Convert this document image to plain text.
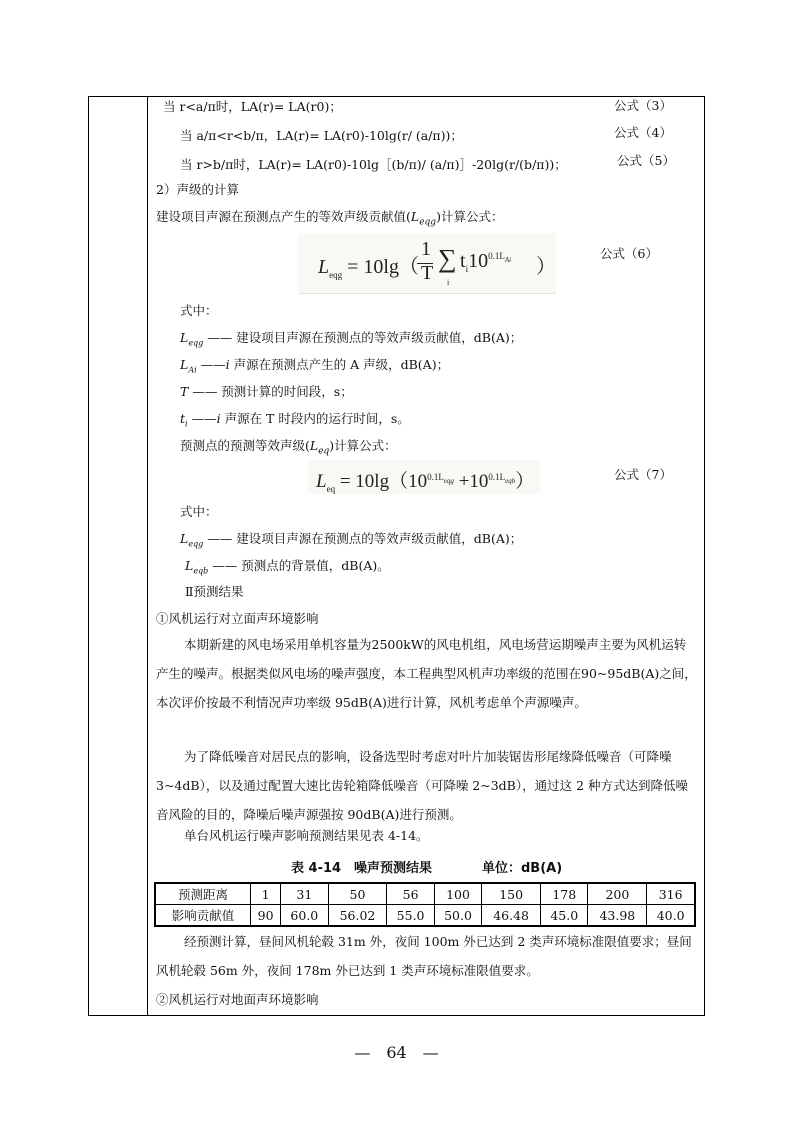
当 r<a/π时，LA(r)= LA(r0)；	公式（3）
当 a/π<r<b/π，LA(r)= LA(r0)-10lg(r/ (a/π))；	公式（4）
当 r>b/π时，LA(r)= LA(r0)-10lg［(b/π)/ (a/π)］-20lg(r/(b/π))；	公式（5）
2）声级的计算
建设项目声源在预测点产生的等效声级贡献值$(L_{eqg})$计算公式：
$L_{eqg} = 10\lg$（
1
T ∑
i
$t_i10^{0.1L_{Ai}}$ ）
公式（6）
式中：
$L_{eqg}$ —— 建设项目声源在预测点的等效声级贡献值，dB(A)；
$L_{Ai}$ ——i 声源在预测点产生的 A 声级，dB(A)；
T —— 预测计算的时间段，s；
$t_i$ ——i 声源在 T 时段内的运行时间，s。
预测点的预测等效声级$(L_{eq})$计算公式：
$L_{eq} = 10\lg(10^{0.1L_{eqg}} +10^{0.1L_{eqb}})$	公式（7）
式中：
$L_{eqg}$ —— 建设项目声源在预测点的等效声级贡献值，dB(A)；
$L_{eqb}$ —— 预测点的背景值，dB(A)。
Ⅱ预测结果
①风机运行对立面声环境影响
本期新建的风电场采用单机容量为2500kW的风电机组，风电场营运期噪声主要为风机运转产生的噪声。根据类似风电场的噪声强度，本工程典型风机声功率级的范围在90~95dB(A)之间，本次评价按最不利情况声功率级 95dB(A)进行计算，风机考虑单个声源噪声。
为了降低噪音对居民点的影响，设备选型时考虑对叶片加装锯齿形尾缘降低噪音（可降噪 3~4dB），以及通过配置大速比齿轮箱降低噪音（可降噪 2~3dB），通过这 2 种方式达到降低噪音风险的目的，降噪后噪声源强按 90dB(A)进行预测。
单台风机运行噪声影响预测结果见表 4-14。
表 4-14　噪声预测结果	单位：dB(A)
预测距离	1	31	50	56	100	150	178	200	316
影响贡献值	90	60.0	56.02	55.0	50.0	46.48	45.0	43.98	40.0
经预测计算，昼间风机轮毂 31m 外，夜间 100m 外已达到 2 类声环境标准限值要求；昼间风机轮毂 56m 外，夜间 178m 外已达到 1 类声环境标准限值要求。
②风机运行对地面声环境影响
—　64　—
